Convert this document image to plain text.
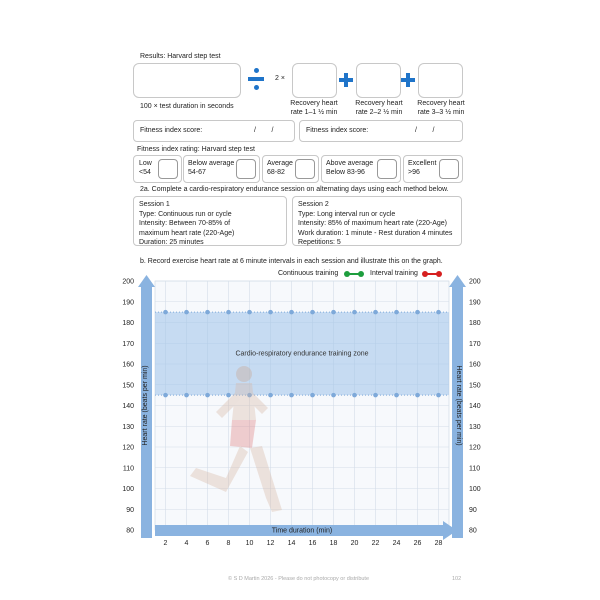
Results: Harvard step test
2 ×
100 × test duration in seconds	Recovery heart
rate 1–1 ½ min
Recovery heart
rate 2–2 ½ min
Recovery heart
rate 3–3 ½ min
Fitness index score:	/        /	Fitness index score:	/        /
Fitness index rating: Harvard step test
Low
<54
Below average
54-67
Average
68-82
Above average
Below 83-96
Excellent
>96
2a. Complete a cardio-respiratory endurance session on alternating days using each method below.
Session 1
Type: Continuous run or cycle
Intensity: Between 70-85% of
maximum heart rate (220-Age)
Duration: 25 minutes
Session 2
Type: Long interval run or cycle
Intensity: 85% of maximum heart rate (220-Age)
Work duration: 1 minute - Rest duration 4 minutes
Repetitions: 5
b. Record exercise heart rate at 6 minute intervals in each session and illustrate this on the graph.
Continuous training	Interval training
Cardio-respiratory endurance training zone
Heart rate (beats per min)	Heart rate (beats per min)
Time duration (min)
80	80
90	90
100	100
110	110
120	120
130	130
140	140
150	150
160	160
170	170
180	180
190	190
200	200
2 4 6 8 10 12 14 16 18 20 22 24 26 28
© S D Martin 2026 - Please do not photocopy or distribute	102
